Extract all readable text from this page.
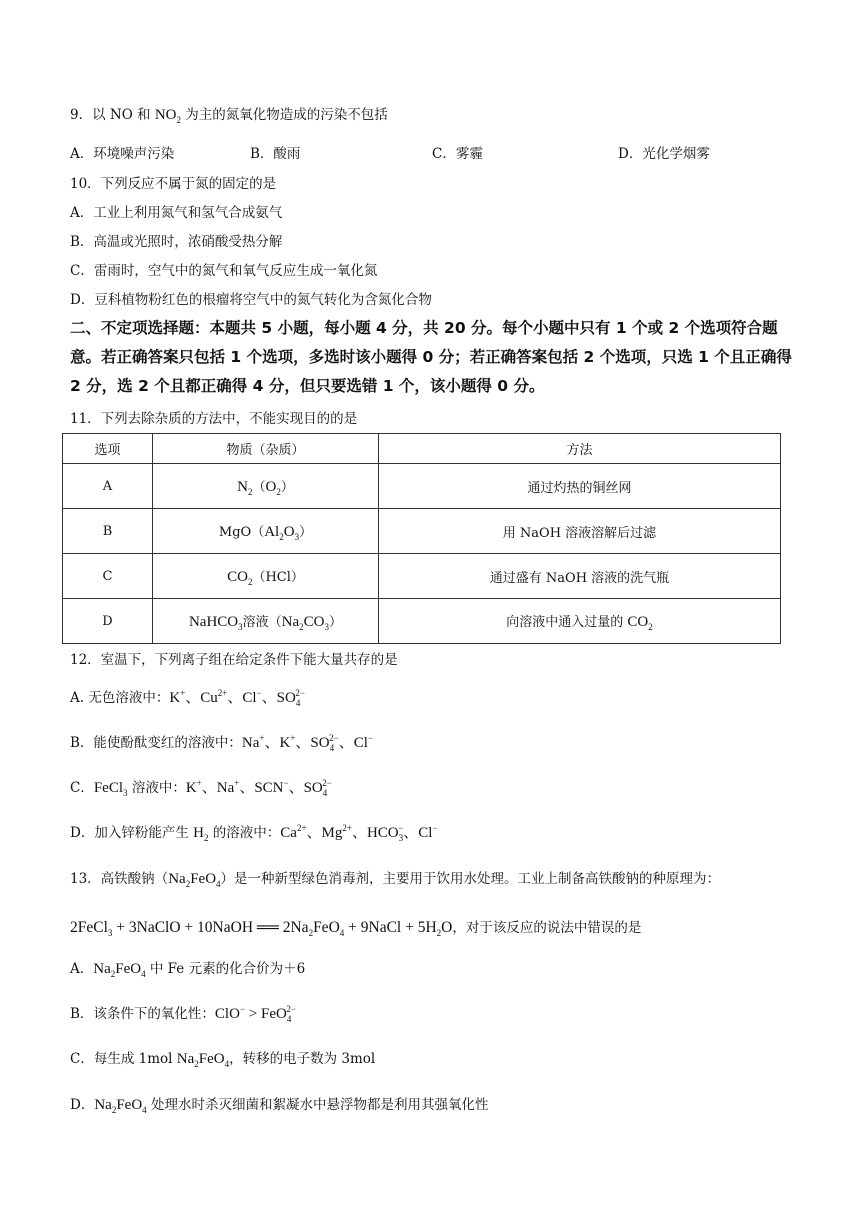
9．以 NO 和 $NO_2$ 为主的氮氧化物造成的污染不包括
A．环境噪声污染	B．酸雨	C．雾霾	D．光化学烟雾
10．下列反应不属于氮的固定的是
A．工业上利用氮气和氢气合成氨气
B．高温或光照时，浓硝酸受热分解
C．雷雨时，空气中的氮气和氧气反应生成一氧化氮
D．豆科植物粉红色的根瘤将空气中的氮气转化为含氮化合物
二、不定项选择题：本题共 5 小题，每小题 4 分，共 20 分。每个小题中只有 1 个或 2 个选项符合题意。若正确答案只包括 1 个选项，多选时该小题得 0 分；若正确答案包括 2 个选项，只选 1 个且正确得 2 分，选 2 个且都正确得 4 分，但只要选错 1 个，该小题得 0 分。
11．下列去除杂质的方法中，不能实现目的的是
选项	物质（杂质）	方法
A	$N_2(O_2)$	通过灼热的铜丝网
B	$MgO(Al_2O_3)$	用 NaOH 溶液溶解后过滤
C	$CO_2(HCl)$	通过盛有 NaOH 溶液的洗气瓶
D	NaHCO$_3$溶液$(Na_2CO_3)$	向溶液中通入过量的 $CO_2$
12．室温下，下列离子组在给定条件下能大量共存的是
A. 无色溶液中：K+、$Cu^{2+}$、Cl−、$SO_4^{2-}$
B．能使酚酞变红的溶液中：Na+、K+、$SO_4^{2-}$、Cl−
C．FeCl$_3$ 溶液中：K+、Na+、SCN−、$SO_4^{2-}$
D．加入锌粉能产生 $H_2$ 的溶液中：$Ca^{2+}$、$Mg^{2+}$、$HCO_3^-$、Cl−
13．高铁酸钠$(Na_2FeO_4)$是一种新型绿色消毒剂，主要用于饮用水处理。工业上制备高铁酸钠的种原理为：
2FeCl$_3$ + 3NaClO + 10NaOH ══ $2Na_2FeO_4$ + 9NaCl + $5H_2O$，对于该反应的说法中错误的是
A．$Na_2FeO_4$ 中 Fe 元素的化合价为＋6
B．该条件下的氧化性：ClO− > FeO$_4^{2-}$
C．每生成 1mol $Na_2FeO_4$，转移的电子数为 3mol
D．$Na_2FeO_4$ 处理水时杀灭细菌和絮凝水中悬浮物都是利用其强氧化性
